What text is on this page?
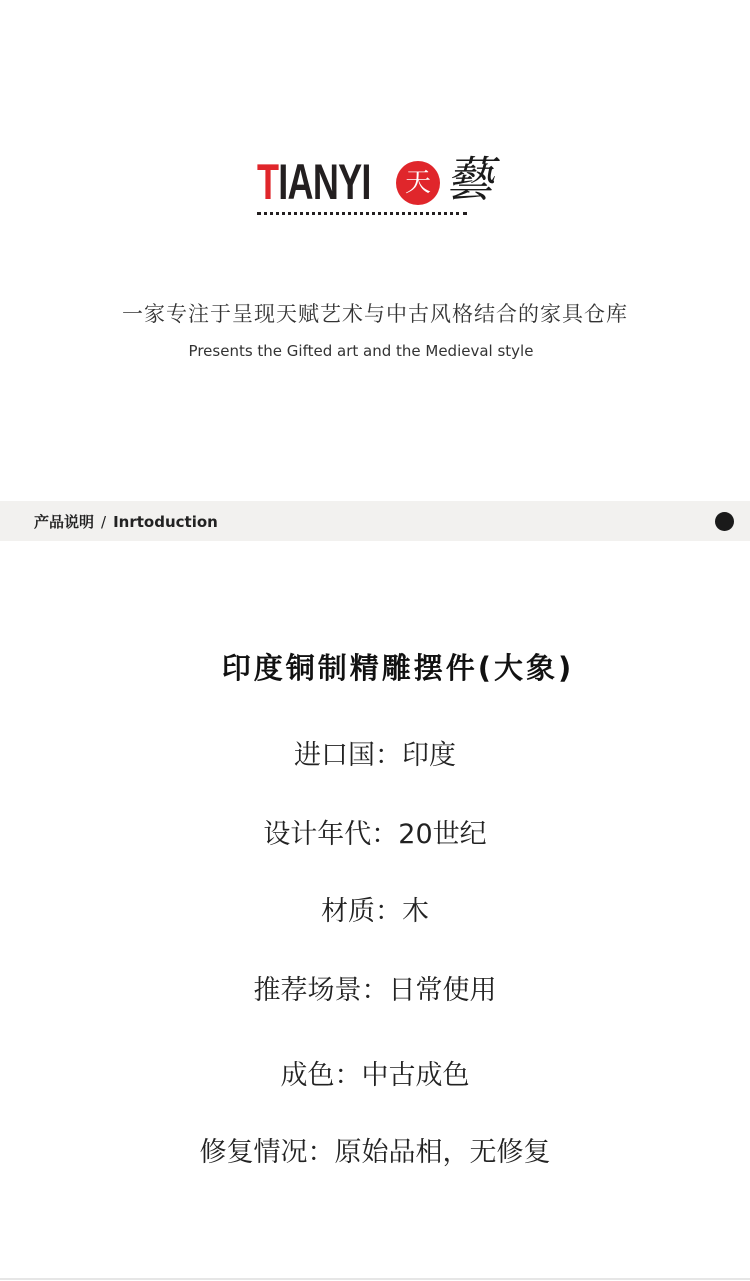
TIANYI	天 藝
一家专注于呈现天赋艺术与中古风格结合的家具仓库
Presents the Gifted art and the Medieval style
产品说明 / Inrtoduction
印度铜制精雕摆件(大象)
进口国：印度
设计年代：20世纪
材质：木
推荐场景：日常使用
成色：中古成色
修复情况：原始品相，无修复
